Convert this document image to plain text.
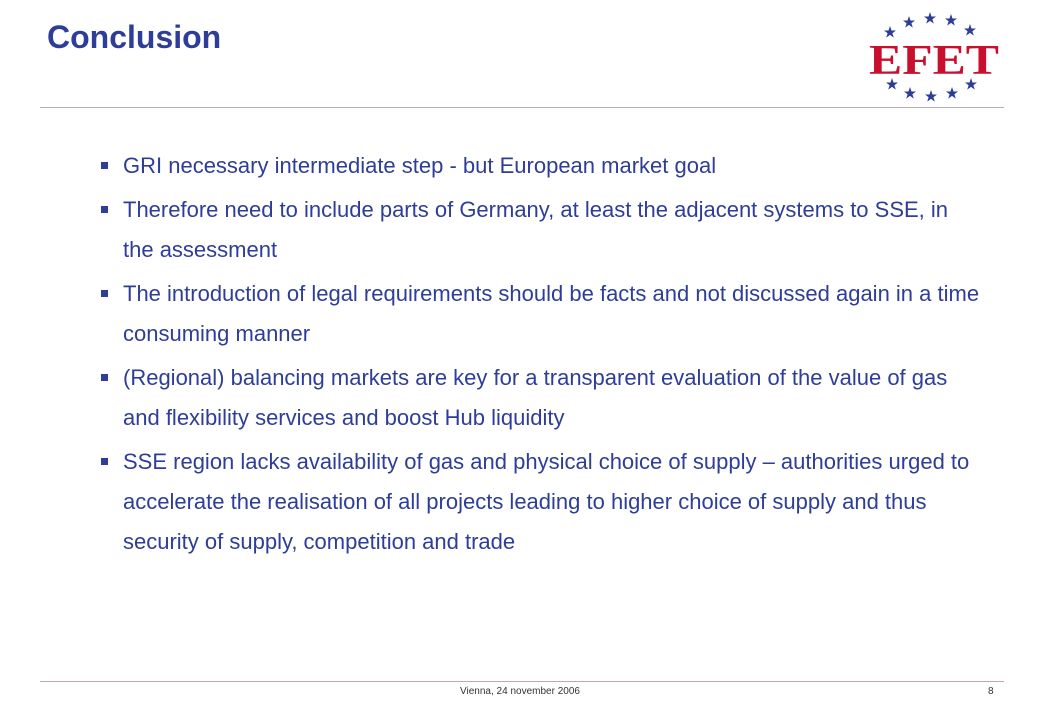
Conclusion
EFET
GRI necessary intermediate step - but European market goal
Therefore need to include parts of Germany, at least the adjacent systems to SSE, in the assessment
The introduction of legal requirements should be facts and not discussed again in a time consuming manner
(Regional) balancing markets are key for a transparent evaluation of the value of gas and flexibility services and boost Hub liquidity
SSE region lacks availability of gas and physical choice of supply – authorities urged to accelerate the realisation of all projects leading to higher choice of supply and thus security of supply, competition and trade
Vienna, 24 november 2006	8
